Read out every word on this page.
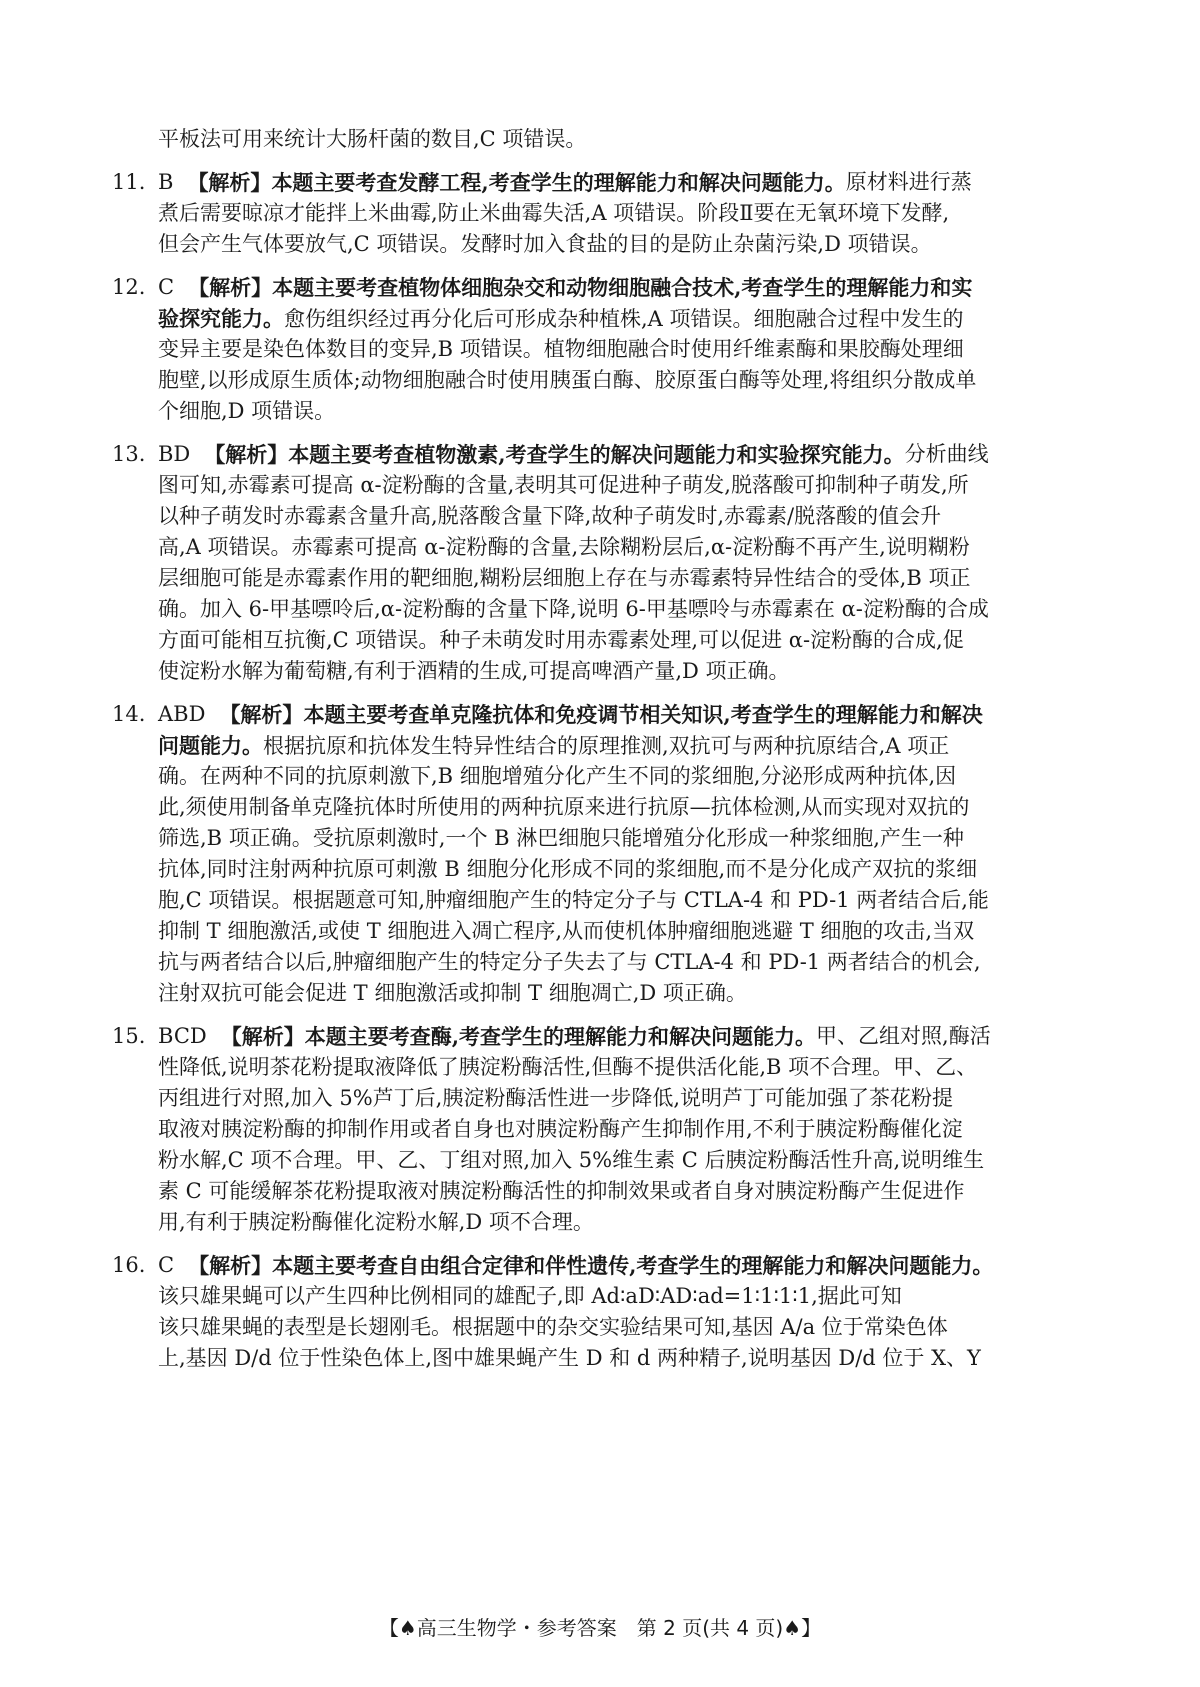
平板法可用来统计大肠杆菌的数目,C 项错误。
11. B 【解析】 本题主要考查发酵工程,考查学生的理解能力和解决问题能力。 原材料进行蒸
煮后需要晾凉才能拌上米曲霉,防止米曲霉失活,A 项错误。阶段Ⅱ要在无氧环境下发酵,
但会产生气体要放气,C 项错误。发酵时加入食盐的目的是防止杂菌污染,D 项错误。
12. C 【解析】 本题主要考查植物体细胞杂交和动物细胞融合技术,考查学生的理解能力和实
验探究能力。愈伤组织经过再分化后可形成杂种植株,A 项错误。细胞融合过程中发生的
变异主要是染色体数目的变异,B 项错误。植物细胞融合时使用纤维素酶和果胶酶处理细
胞壁,以形成原生质体;动物细胞融合时使用胰蛋白酶、胶原蛋白酶等处理,将组织分散成单
个细胞,D 项错误。
13. BD 【解析】 本题主要考查植物激素,考查学生的解决问题能力和实验探究能力。 分析曲线
图可知,赤霉素可提高 α-淀粉酶的含量,表明其可促进种子萌发,脱落酸可抑制种子萌发,所
以种子萌发时赤霉素含量升高,脱落酸含量下降,故种子萌发时,赤霉素/脱落酸的值会升
高,A 项错误。赤霉素可提高 α-淀粉酶的含量,去除糊粉层后,α-淀粉酶不再产生,说明糊粉
层细胞可能是赤霉素作用的靶细胞,糊粉层细胞上存在与赤霉素特异性结合的受体,B 项正
确。加入 6-甲基嘌呤后,α-淀粉酶的含量下降,说明 6-甲基嘌呤与赤霉素在 α-淀粉酶的合成
方面可能相互抗衡,C 项错误。种子未萌发时用赤霉素处理,可以促进 α-淀粉酶的合成,促
使淀粉水解为葡萄糖,有利于酒精的生成,可提高啤酒产量,D 项正确。
14. ABD 【解析】 本题主要考查单克隆抗体和免疫调节相关知识,考查学生的理解能力和解决
问题能力。根据抗原和抗体发生特异性结合的原理推测,双抗可与两种抗原结合,A 项正
确。在两种不同的抗原刺激下,B 细胞增殖分化产生不同的浆细胞,分泌形成两种抗体,因
此,须使用制备单克隆抗体时所使用的两种抗原来进行抗原—抗体检测,从而实现对双抗的
筛选,B 项正确。受抗原刺激时,一个 B 淋巴细胞只能增殖分化形成一种浆细胞,产生一种
抗体,同时注射两种抗原可刺激 B 细胞分化形成不同的浆细胞,而不是分化成产双抗的浆细
胞,C 项错误。根据题意可知,肿瘤细胞产生的特定分子与 CTLA-4 和 PD-1 两者结合后,能
抑制 T 细胞激活,或使 T 细胞进入凋亡程序,从而使机体肿瘤细胞逃避 T 细胞的攻击,当双
抗与两者结合以后,肿瘤细胞产生的特定分子失去了与 CTLA-4 和 PD-1 两者结合的机会,
注射双抗可能会促进 T 细胞激活或抑制 T 细胞凋亡,D 项正确。
15. BCD 【解析】 本题主要考查酶,考查学生的理解能力和解决问题能力。 甲、乙组对照,酶活
性降低,说明茶花粉提取液降低了胰淀粉酶活性,但酶不提供活化能,B 项不合理。甲、乙、
丙组进行对照,加入 5%芦丁后,胰淀粉酶活性进一步降低,说明芦丁可能加强了茶花粉提
取液对胰淀粉酶的抑制作用或者自身也对胰淀粉酶产生抑制作用,不利于胰淀粉酶催化淀
粉水解,C 项不合理。甲、乙、丁组对照,加入 5%维生素 C 后胰淀粉酶活性升高,说明维生
素 C 可能缓解茶花粉提取液对胰淀粉酶活性的抑制效果或者自身对胰淀粉酶产生促进作
用,有利于胰淀粉酶催化淀粉水解,D 项不合理。
16. C 【解析】 本题主要考查自由组合定律和伴性遗传,考查学生的理解能力和解决问题能力。
该只雄果蝇可以产生四种比例相同的雄配子,即 Ad∶aD∶AD∶ad=1∶1∶1∶1,据此可知
该只雄果蝇的表型是长翅刚毛。根据题中的杂交实验结果可知,基因 A/a 位于常染色体
上,基因 D/d 位于性染色体上,图中雄果蝇产生 D 和 d 两种精子,说明基因 D/d 位于 X、Y
【♠高三生物学・参考答案　第 2 页(共 4 页)♠】
